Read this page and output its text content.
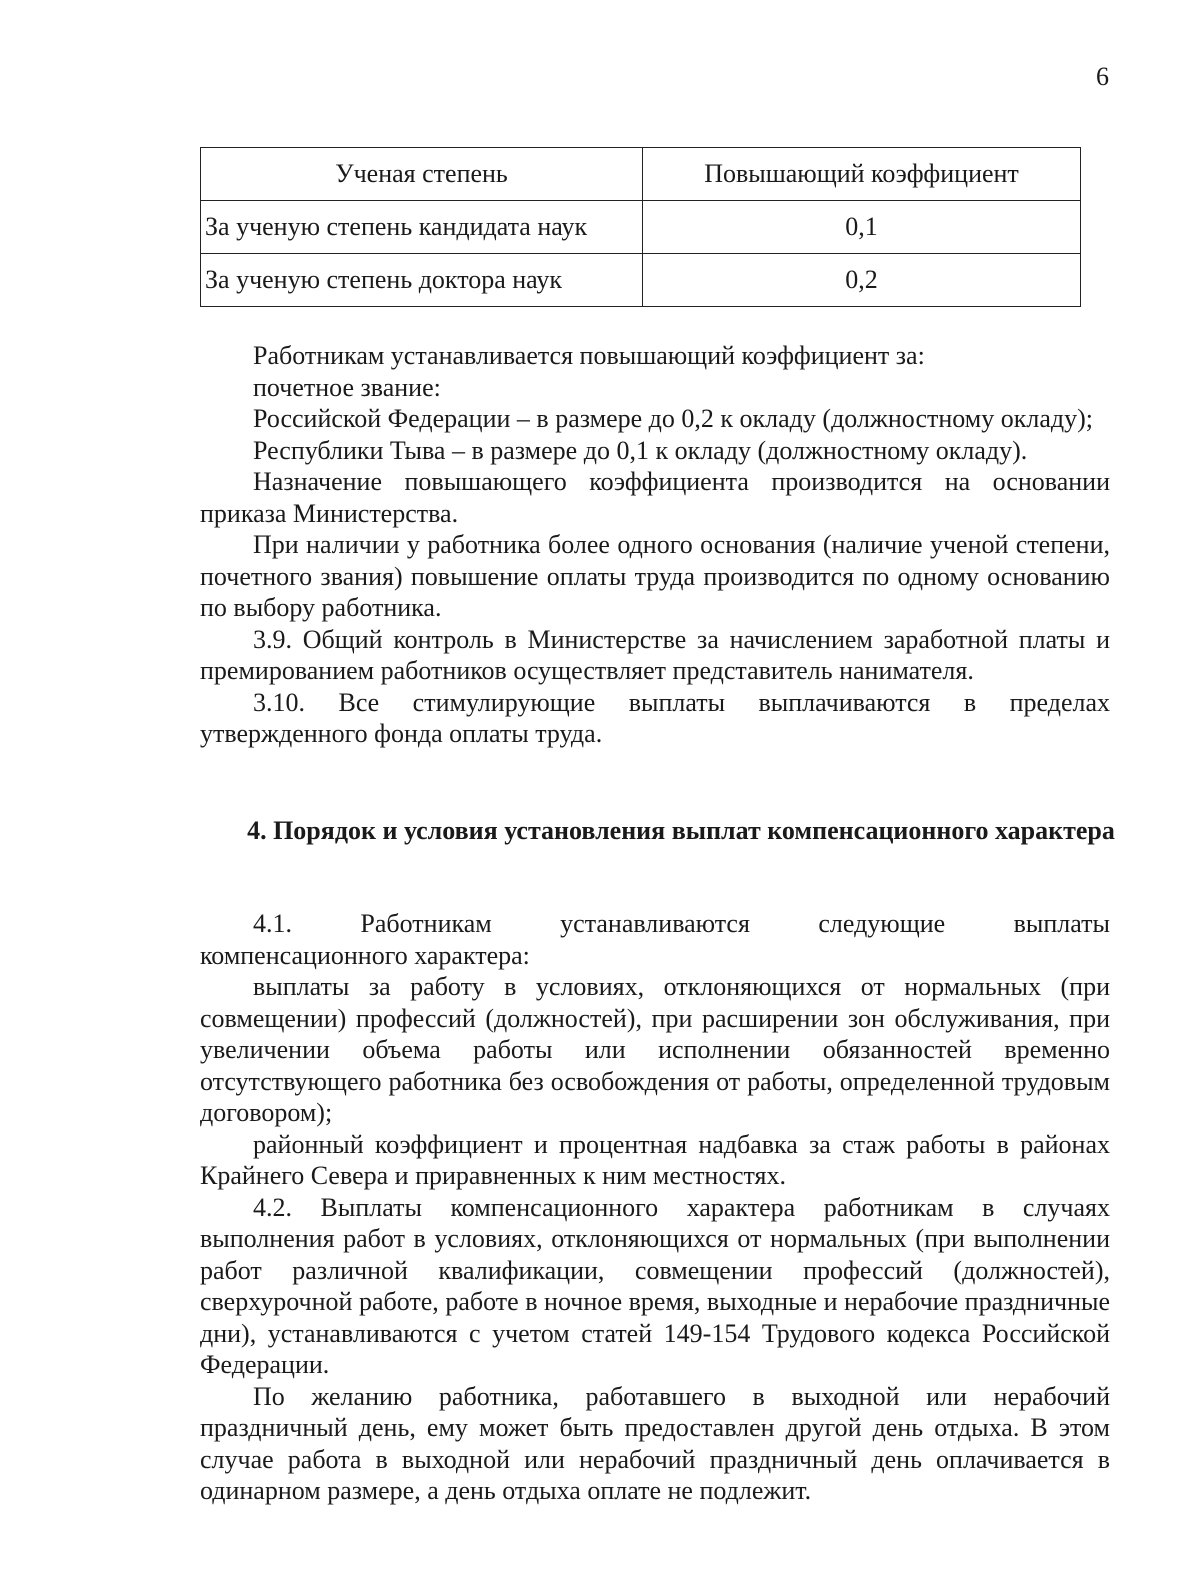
6
Ученая степень	Повышающий коэффициент
За ученую степень кандидата наук	0,1
За ученую степень доктора наук	0,2

Работникам устанавливается повышающий коэффициент за:

почетное звание:

Российской Федерации – в размере до 0,2 к окладу (должностному окладу);

Республики Тыва – в размере до 0,1 к окладу (должностному окладу).

Назначение повышающего коэффициента производится на основании приказа Министерства.

При наличии у работника более одного основания (наличие ученой степени, почетного звания) повышение оплаты труда производится по одному основанию по выбору работника.

3.9. Общий контроль в Министерстве за начислением заработной платы и премированием работников осуществляет представитель нанимателя.

3.10. Все стимулирующие выплаты выплачиваются в пределах утвержденного фонда оплаты труда.

4. Порядок и условия установления выплат компенсационного характера
4.1.	Работникам	устанавливаются	следующие	выплаты
компенсационного характера:

выплаты за работу в условиях, отклоняющихся от нормальных (при совмещении) профессий (должностей), при расширении зон обслуживания, при увеличении объема работы или исполнении обязанностей временно отсутствующего работника без освобождения от работы, определенной трудовым договором);

районный коэффициент и процентная надбавка за стаж работы в районах Крайнего Севера и приравненных к ним местностях.

4.2. Выплаты компенсационного характера работникам в случаях выполнения работ в условиях, отклоняющихся от нормальных (при выполнении работ различной квалификации, совмещении профессий (должностей), сверхурочной работе, работе в ночное время, выходные и нерабочие праздничные дни), устанавливаются с учетом статей 149-154 Трудового кодекса Российской Федерации.

По желанию работника, работавшего в выходной или нерабочий праздничный день, ему может быть предоставлен другой день отдыха. В этом случае работа в выходной или нерабочий праздничный день оплачивается в одинарном размере, а день отдыха оплате не подлежит.
